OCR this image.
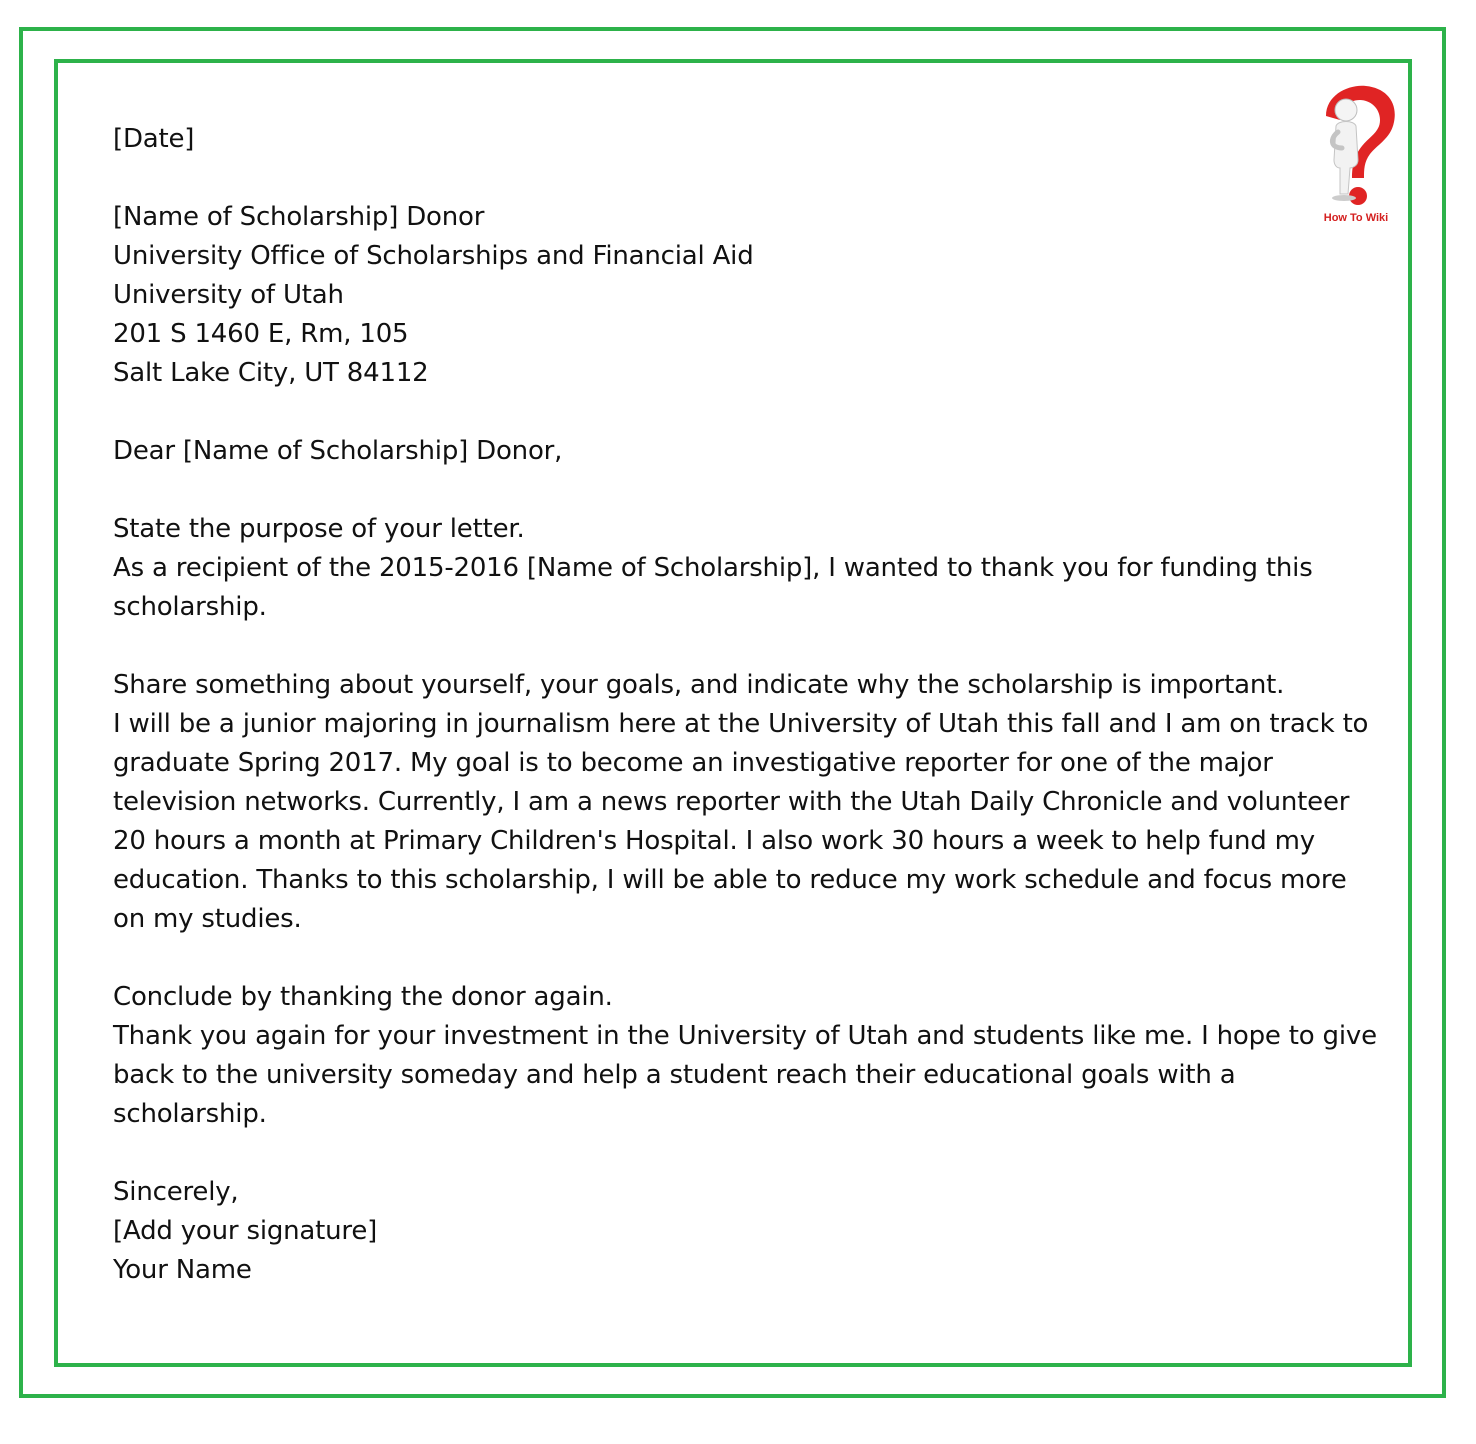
How To Wiki
[Date]
[Name of Scholarship] Donor
University Office of Scholarships and Financial Aid
University of Utah
201 S 1460 E, Rm, 105
Salt Lake City, UT 84112
Dear [Name of Scholarship] Donor,
State the purpose of your letter.
As a recipient of the 2015-2016 [Name of Scholarship], I wanted to thank you for funding this
scholarship.
Share something about yourself, your goals, and indicate why the scholarship is important.
I will be a junior majoring in journalism here at the University of Utah this fall and I am on track to
graduate Spring 2017. My goal is to become an investigative reporter for one of the major
television networks. Currently, I am a news reporter with the Utah Daily Chronicle and volunteer
20 hours a month at Primary Children's Hospital. I also work 30 hours a week to help fund my
education. Thanks to this scholarship, I will be able to reduce my work schedule and focus more
on my studies.
Conclude by thanking the donor again.
Thank you again for your investment in the University of Utah and students like me. I hope to give
back to the university someday and help a student reach their educational goals with a
scholarship.
Sincerely,
[Add your signature]
Your Name
